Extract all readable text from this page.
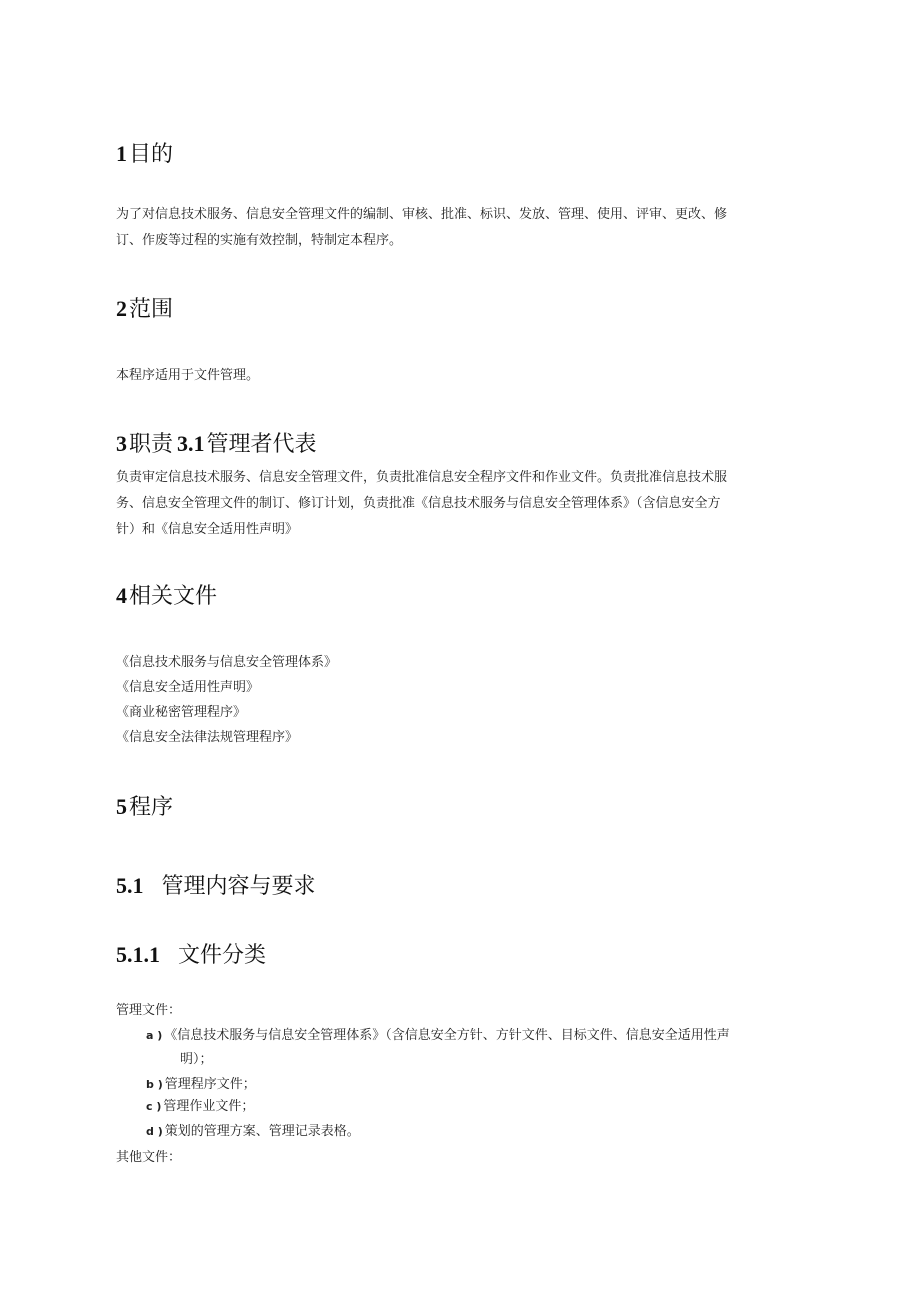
1目的
为了对信息技术服务、信息安全管理文件的编制、审核、批准、标识、发放、管理、使用、评审、更改、修
订、作废等过程的实施有效控制，特制定本程序。
2范围
本程序适用于文件管理。
3职责 3.1管理者代表
负责审定信息技术服务、信息安全管理文件，负责批准信息安全程序文件和作业文件。负责批准信息技术服
务、信息安全管理文件的制订、修订计划，负责批准《信息技术服务与信息安全管理体系》（含信息安全方
针）和《信息安全适用性声明》
4相关文件
《信息技术服务与信息安全管理体系》
《信息安全适用性声明》
《商业秘密管理程序》
《信息安全法律法规管理程序》
5程序
5.1 管理内容与要求
5.1.1 文件分类
管理文件：
a ) 《信息技术服务与信息安全管理体系》（含信息安全方针、方针文件、目标文件、信息安全适用性声
明）；
b ) 管理程序文件；
c ) 管理作业文件；
d ) 策划的管理方案、管理记录表格。
其他文件：
